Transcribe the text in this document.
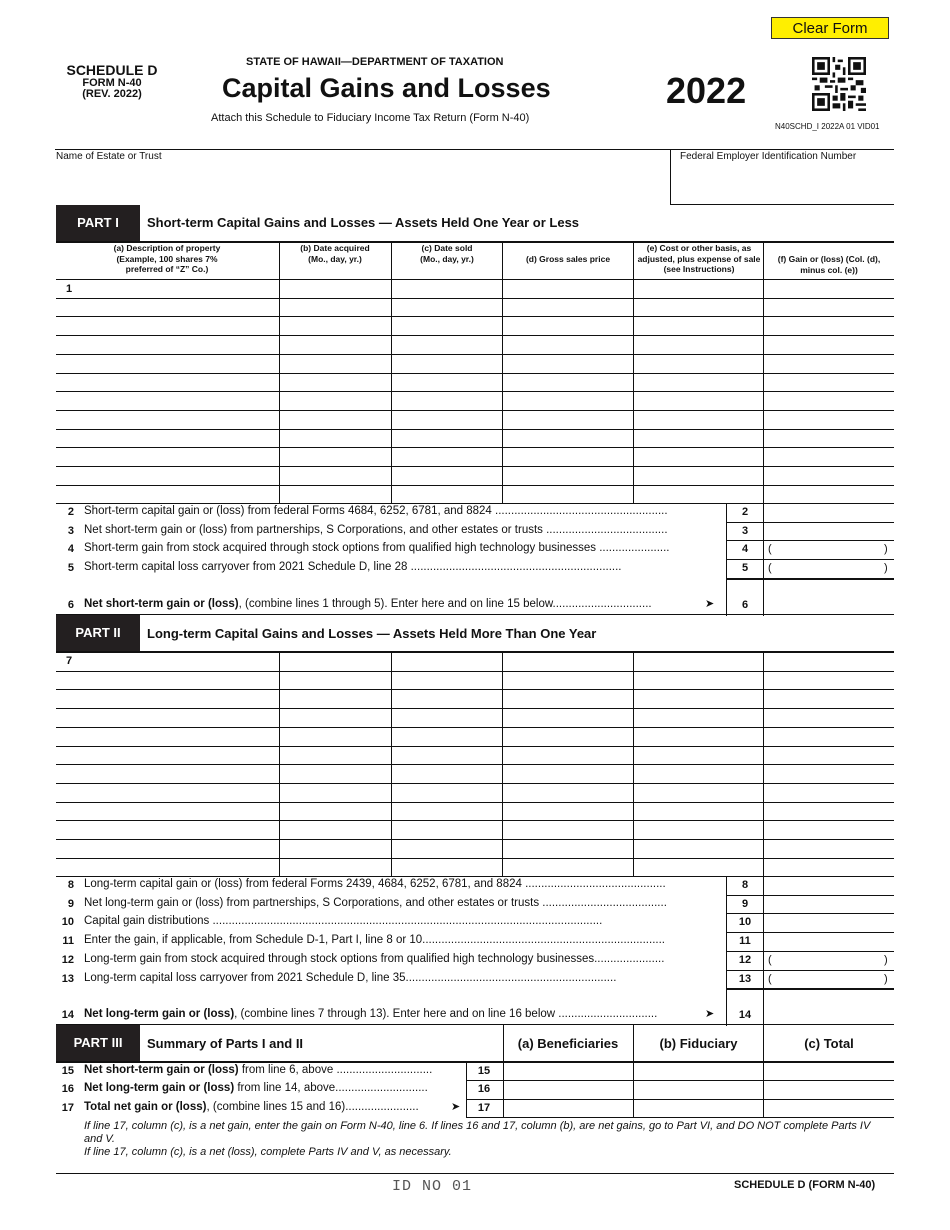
Clear Form
SCHEDULE D
FORM N-40
(REV. 2022)
STATE OF HAWAII—DEPARTMENT OF TAXATION
Capital Gains and Losses
Attach this Schedule to Fiduciary Income Tax Return (Form N-40)
2022
N40SCHD_I 2022A 01 VID01
Name of Estate or Trust	Federal Employer Identification Number
PART I	Short-term Capital Gains and Losses — Assets Held One Year or Less
(a) Description of property (Example, 100 shares 7% preferred of “Z” Co.)
(b) Date acquired (Mo., day, yr.)
(c) Date sold (Mo., day, yr.)	(d) Gross sales price
(e) Cost or other basis, as adjusted, plus expense of sale (see Instructions)
(f) Gain or (loss) (Col. (d), minus col. (e))
1
2 Short-term capital gain or (loss) from federal Forms 4684, 6252, 6781, and 8824 ......................................................	2
3 Net short-term gain or (loss) from partnerships, S Corporations, and other estates or trusts ......................................	3
4 Short-term gain from stock acquired through stock options from qualified high technology businesses ......................	4	(	)
5 Short-term capital loss carryover from 2021 Schedule D, line 28 ..................................................................	5	(	)
6 Net short-term gain or (loss), (combine lines 1 through 5). Enter here and on line 15 below...............................	➤	6
PART II	Long-term Capital Gains and Losses — Assets Held More Than One Year
7
8 Long-term capital gain or (loss) from federal Forms 2439, 4684, 6252, 6781, and 8824 ............................................	8
9 Net long-term gain or (loss) from partnerships, S Corporations, and other estates or trusts .......................................	9
10 Capital gain distributions ..........................................................................................................................	10
11 Enter the gain, if applicable, from Schedule D-1, Part I, line 8 or 10............................................................................	11
12 Long-term gain from stock acquired through stock options from qualified high technology businesses......................	12	(	)
13 Long-term capital loss carryover from 2021 Schedule D, line 35..................................................................	13	(	)
14 Net long-term gain or (loss), (combine lines 7 through 13). Enter here and on line 16 below ...............................	➤	14
PART III	Summary of Parts I and II	(a) Beneficiaries	(b) Fiduciary	(c) Total
15 Net short-term gain or (loss) from line 6, above ..............................	15
16 Net long-term gain or (loss) from line 14, above.............................	16
17 Total net gain or (loss), (combine lines 15 and 16).......................	17
➤
If line 17, column (c), is a net gain, enter the gain on Form N-40, line 6. If lines 16 and 17, column (b), are net gains, go to Part VI, and DO NOT complete Parts IV and V.
If line 17, column (c), is a net (loss), complete Parts IV and V, as necessary.
ID NO 01	SCHEDULE D (FORM N-40)
